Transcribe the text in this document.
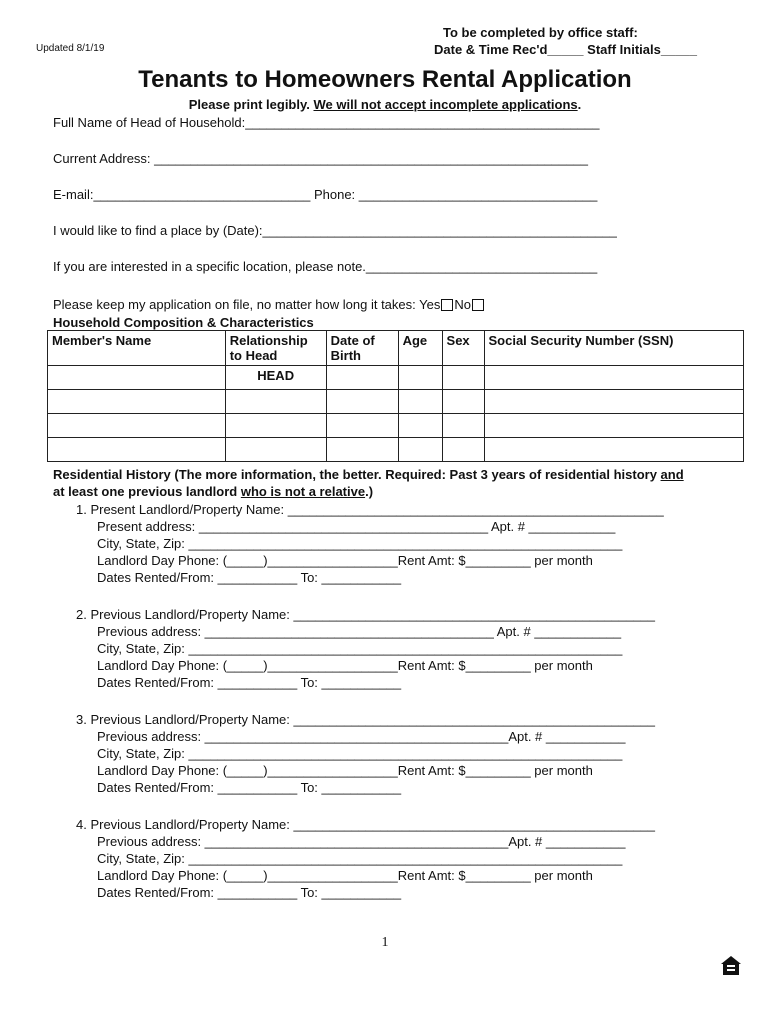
Updated 8/1/19
To be completed by office staff:
Date & Time Rec'd_____ Staff Initials_____
Tenants to Homeowners Rental Application
Please print legibly. We will not accept incomplete applications.
Full Name of Head of Household:_________________________________________________
Current Address: ____________________________________________________________
E-mail:______________________________ Phone: _________________________________
I would like to find a place by (Date):_________________________________________________
If you are interested in a specific location, please note.________________________________
Please keep my application on file, no matter how long it takes: Yes No
Household Composition & Characteristics
Member's Name	Relationship to Head	Date of Birth	Age	Sex	Social Security Number (SSN)
	HEAD				

Residential History (The more information, the better. Required: Past 3 years of residential history and
at least one previous landlord who is not a relative.)
1. Present Landlord/Property Name: ____________________________________________________
Present address: ________________________________________ Apt. # ____________
City, State, Zip: ____________________________________________________________
Landlord Day Phone: (_____)__________________Rent Amt: $_________ per month
Dates Rented/From: ___________ To: ___________
2. Previous Landlord/Property Name: __________________________________________________
Previous address: ________________________________________ Apt. # ____________
City, State, Zip: ____________________________________________________________
Landlord Day Phone: (_____)__________________Rent Amt: $_________ per month
Dates Rented/From: ___________ To: ___________
3. Previous Landlord/Property Name: __________________________________________________
Previous address: __________________________________________Apt. # ___________
City, State, Zip: ____________________________________________________________
Landlord Day Phone: (_____)__________________Rent Amt: $_________ per month
Dates Rented/From: ___________ To: ___________
4. Previous Landlord/Property Name: __________________________________________________
Previous address: __________________________________________Apt. # ___________
City, State, Zip: ____________________________________________________________
Landlord Day Phone: (_____)__________________Rent Amt: $_________ per month
Dates Rented/From: ___________ To: ___________
1
